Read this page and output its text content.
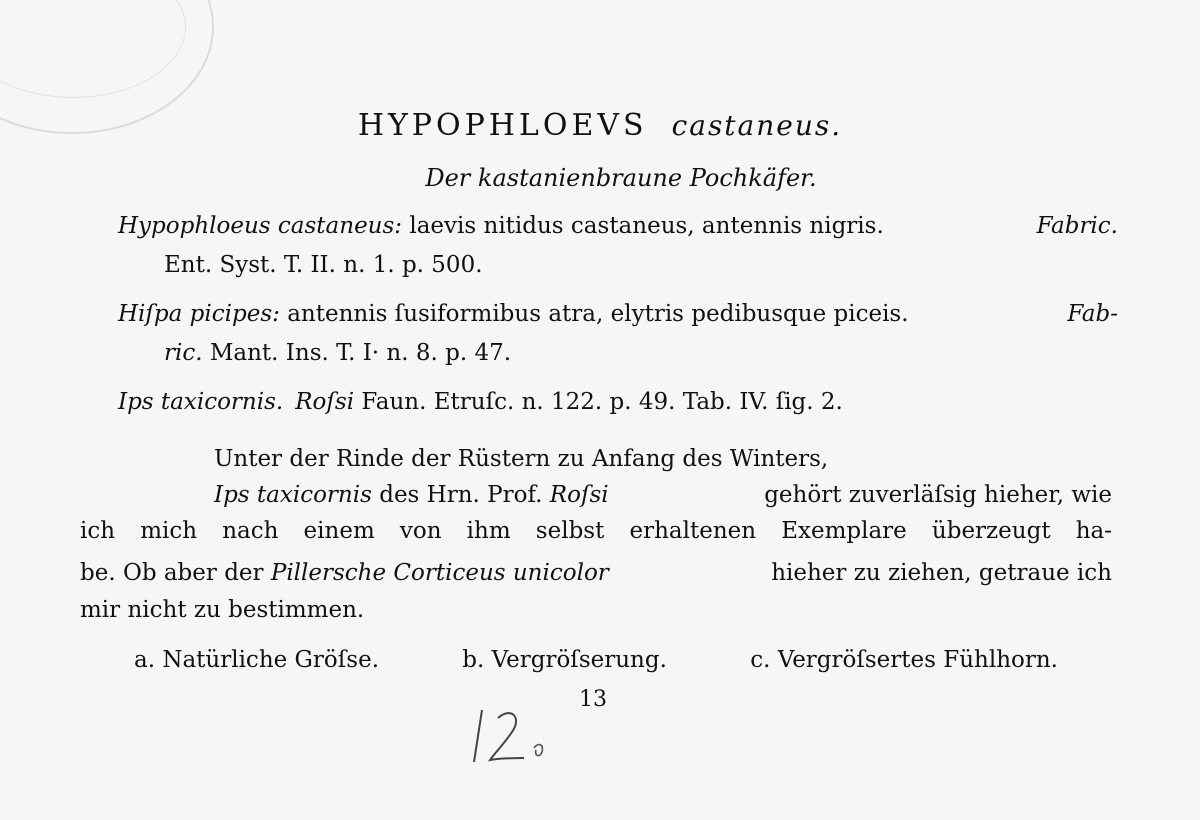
HYPOPHLOEVS castaneus.
Der kastanienbraune Pochkäfer.
Hypophloeus castaneus: laevis nitidus castaneus, antennis nigris.	Fabric.
Ent. Syst. T. II. n. 1. p. 500.
Hiſpa picipes: antennis ſusiformibus atra, elytris pedibusque piceis.	Fab-
ric. Mant. Ins. T. I· n. 8. p. 47.
Ips taxicornis. Roſsi Faun. Etruſc. n. 122. p. 49. Tab. IV. ſig. 2.
Unter der Rinde der Rüstern zu Anfang des Winters,
Ips taxicornis des Hrn. Prof. Roſsi	gehört zuverläſsig hieher, wie
ich mich nach einem von ihm selbst erhaltenen Exemplare überzeugt ha-
be. Ob aber der Pillersche Corticeus unicolor	hieher zu ziehen, getraue ich
mir nicht zu bestimmen.
a. Natürliche Gröſse.	b. Vergröſserung.	c. Vergröſsertes Fühlhorn.
13
